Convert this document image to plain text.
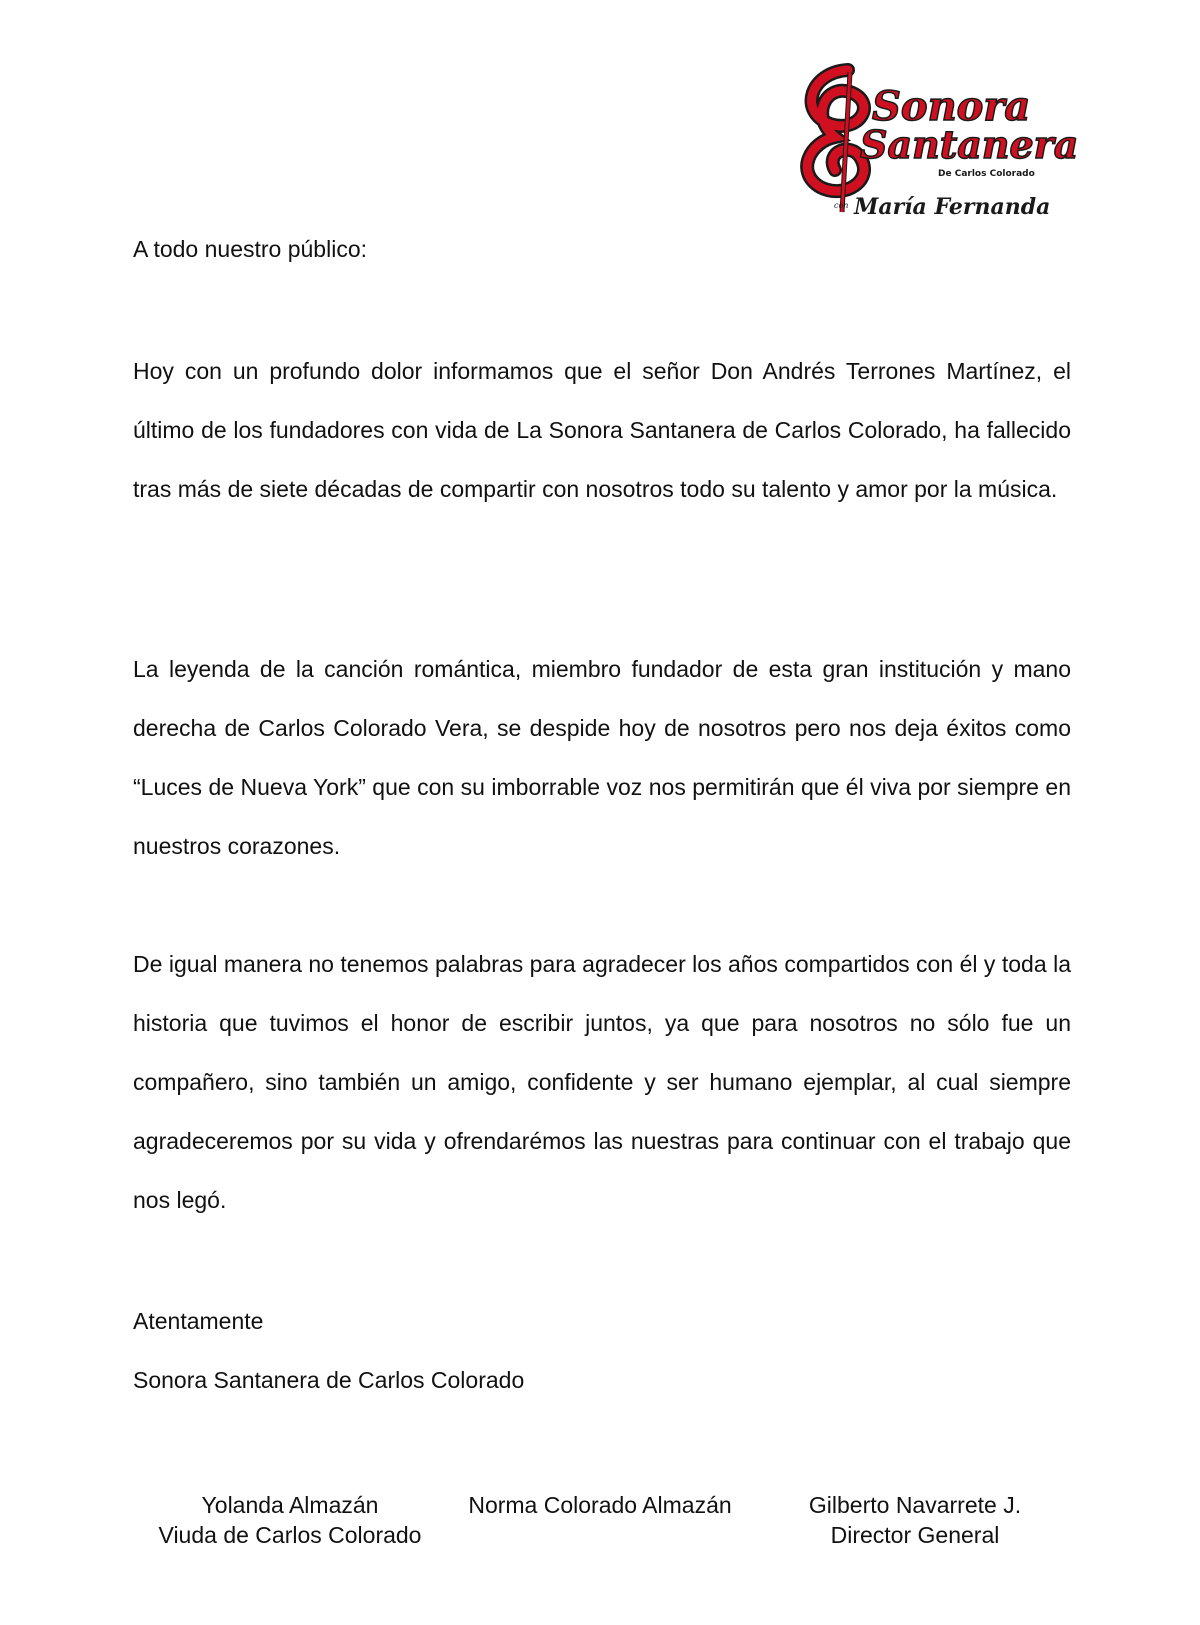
Sonora
Santanera
De Carlos Colorado
con María Fernanda

A todo nuestro público:

Hoy con un profundo dolor informamos que el señor Don Andrés Terrones Martínez, el último de los fundadores con vida de La Sonora Santanera de Carlos Colorado, ha fallecido tras más de siete décadas de compartir con nosotros todo su talento y amor por la música.

La leyenda de la canción romántica, miembro fundador de esta gran institución y mano derecha de Carlos Colorado Vera, se despide hoy de nosotros pero nos deja éxitos como “Luces de Nueva York” que con su imborrable voz nos permitirán que él viva por siempre en nuestros corazones.

De igual manera no tenemos palabras para agradecer los años compartidos con él y toda la historia que tuvimos el honor de escribir juntos, ya que para nosotros no sólo fue un compañero, sino también un amigo, confidente y ser humano ejemplar, al cual siempre agradeceremos por su vida y ofrendarémos las nuestras para continuar con el trabajo que nos legó.

Atentamente

Sonora Santanera de Carlos Colorado

Yolanda Almazán
Viuda de Carlos Colorado
Norma Colorado Almazán	Gilberto Navarrete J.
Director General
